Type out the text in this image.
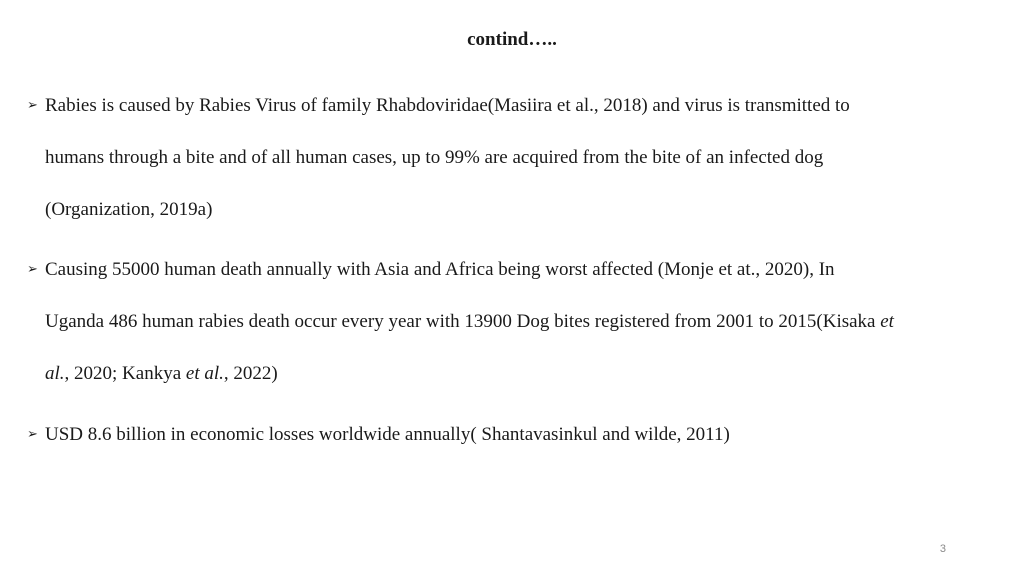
contind…..
➢ Rabies is caused by Rabies Virus of family Rhabdoviridae(Masiira et al., 2018) and virus is transmitted to
humans through a bite and of all human cases, up to 99% are acquired from the bite of an infected dog
(Organization, 2019a)
➢ Causing 55000 human death annually with Asia and Africa being worst affected (Monje et at., 2020), In
Uganda 486 human rabies death occur every year with 13900 Dog bites registered from 2001 to 2015(Kisaka et
al., 2020; Kankya et al., 2022)
➢ USD 8.6 billion in economic losses worldwide annually( Shantavasinkul and wilde, 2011)
3
